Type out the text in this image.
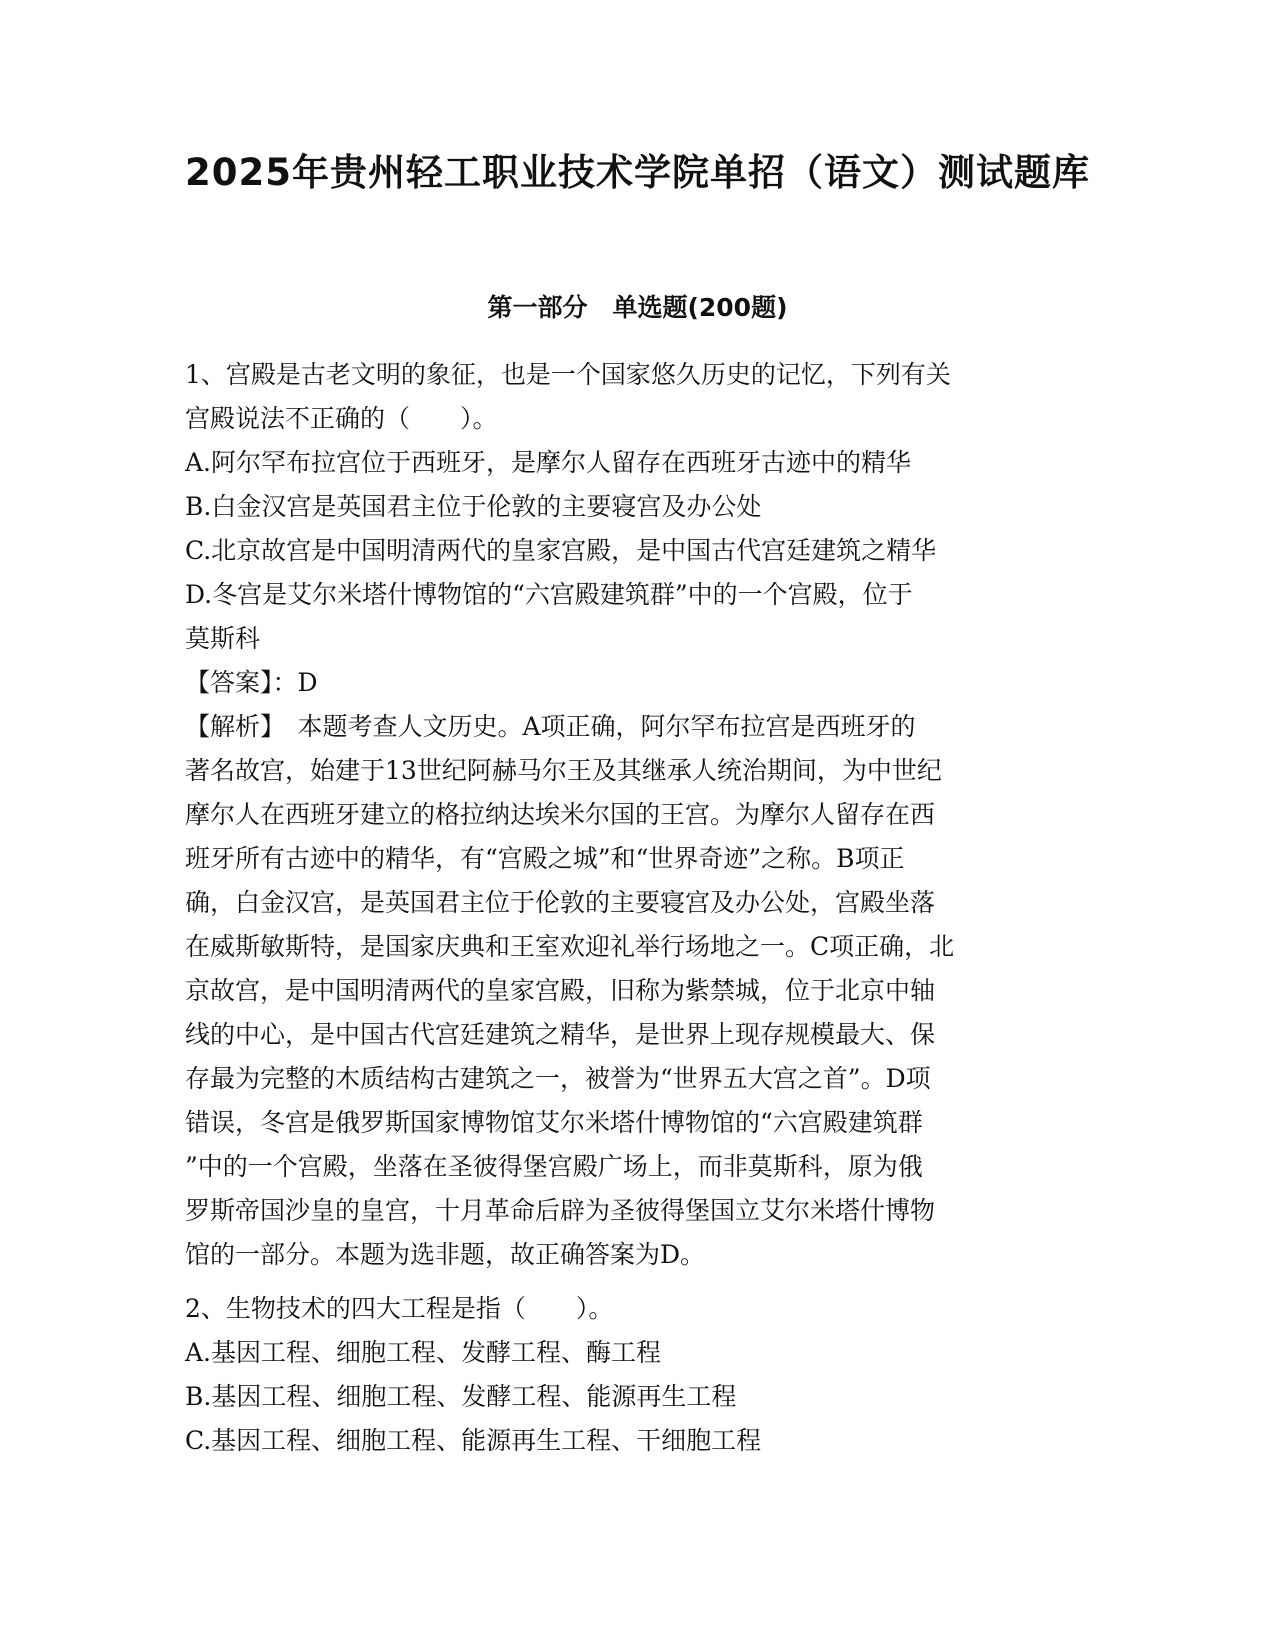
2025年贵州轻工职业技术学院单招（语文）测试题库
第一部分　单选题(200题)

1、宫殿是古老文明的象征，也是一个国家悠久历史的记忆，下列有关

宫殿说法不正确的（　　）。

A.阿尔罕布拉宫位于西班牙，是摩尔人留存在西班牙古迹中的精华

B.白金汉宫是英国君主位于伦敦的主要寝宫及办公处

C.北京故宫是中国明清两代的皇家宫殿，是中国古代宫廷建筑之精华

D.冬宫是艾尔米塔什博物馆的“六宫殿建筑群”中的一个宫殿，位于

莫斯科

【答案】：D

【解析】　本题考查人文历史。A项正确，阿尔罕布拉宫是西班牙的

著名故宫，始建于13世纪阿赫马尔王及其继承人统治期间，为中世纪

摩尔人在西班牙建立的格拉纳达埃米尔国的王宫。为摩尔人留存在西

班牙所有古迹中的精华，有“宫殿之城”和“世界奇迹”之称。B项正

确，白金汉宫，是英国君主位于伦敦的主要寝宫及办公处，宫殿坐落

在威斯敏斯特，是国家庆典和王室欢迎礼举行场地之一。C项正确，北

京故宫，是中国明清两代的皇家宫殿，旧称为紫禁城，位于北京中轴

线的中心，是中国古代宫廷建筑之精华，是世界上现存规模最大、保

存最为完整的木质结构古建筑之一，被誉为“世界五大宫之首”。D项

错误，冬宫是俄罗斯国家博物馆艾尔米塔什博物馆的“六宫殿建筑群

”中的一个宫殿，坐落在圣彼得堡宫殿广场上，而非莫斯科，原为俄

罗斯帝国沙皇的皇宫，十月革命后辟为圣彼得堡国立艾尔米塔什博物

馆的一部分。本题为选非题，故正确答案为D。

2、生物技术的四大工程是指（　　）。

A.基因工程、细胞工程、发酵工程、酶工程

B.基因工程、细胞工程、发酵工程、能源再生工程

C.基因工程、细胞工程、能源再生工程、干细胞工程
